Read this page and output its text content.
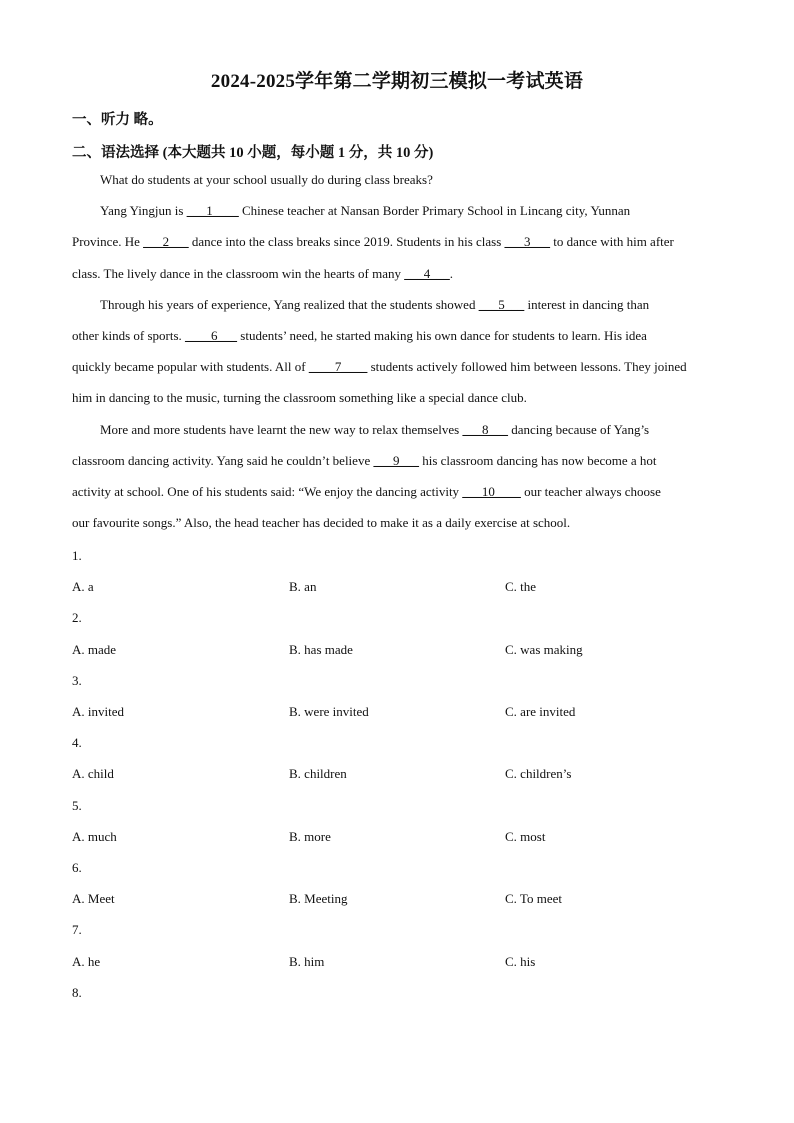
2024-2025学年第二学期初三模拟一考试英语
一、听力 略。
二、语法选择 (本大题共 10 小题，每小题 1 分，共 10 分)
What do students at your school usually do during class breaks?
Yang Yingjun is ___1____ Chinese teacher at Nansan Border Primary School in Lincang city, Yunnan
Province. He ___2___ dance into the class breaks since 2019. Students in his class ___3___ to dance with him after
class. The lively dance in the classroom win the hearts of many ___4___.
Through his years of experience, Yang realized that the students showed ___5___ interest in dancing than
other kinds of sports. ____6___ students’ need, he started making his own dance for students to learn. His idea
quickly became popular with students. All of ____7____ students actively followed him between lessons. They joined
him in dancing to the music, turning the classroom something like a special dance club.
More and more students have learnt the new way to relax themselves ___8___ dancing because of Yang’s
classroom dancing activity. Yang said he couldn’t believe ___9___ his classroom dancing has now become a hot
activity at school. One of his students said: “We enjoy the dancing activity ___10____ our teacher always choose
our favourite songs.” Also, the head teacher has decided to make it as a daily exercise at school.
1.
A. a	B. an	C. the
2.
A. made	B. has made	C. was making
3.
A. invited	B. were invited	C. are invited
4.
A. child	B. children	C. children’s
5.
A. much	B. more	C. most
6.
A. Meet	B. Meeting	C. To meet
7.
A. he	B. him	C. his
8.
